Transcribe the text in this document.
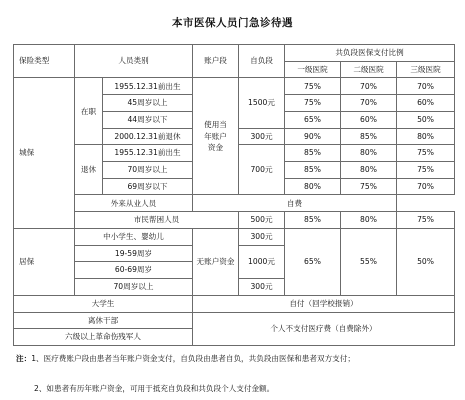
本市医保人员门急诊待遇
保险类型	人员类别		账户段	自负段	共负段医保支付比例		
					一级医院	二级医院	三级医院
城保	在职	1955.12.31前出生	使用当年账户资金	1500元	75%	70%	70%
		45周岁以上			75%	70%	60%
		44周岁以下			65%	60%	50%
		2000.12.31前退休		300元	90%	85%	80%
	退休	1955.12.31前出生		700元	85%	80%	75%
		70周岁以上			85%	80%	75%
		69周岁以下			80%	75%	70%
	外来从业人员		自费				
	市民帮困人员			500元	85%	80%	75%
居保	中小学生、婴幼儿		无账户资金	300元	65%	55%	50%
	19-59周岁			1000元			
	60-69周岁						
	70周岁以上			300元			
大学生			自付（回学校报销）				
离休干部			个人不支付医疗费（自费除外）				
六级以上革命伤残军人							
注：1、医疗费账户段由患者当年账户资金支付，自负段由患者自负，共负段由医保和患者双方支付；
2、如患者有历年账户资金，可用于抵充自负段和共负段个人支付金额。
